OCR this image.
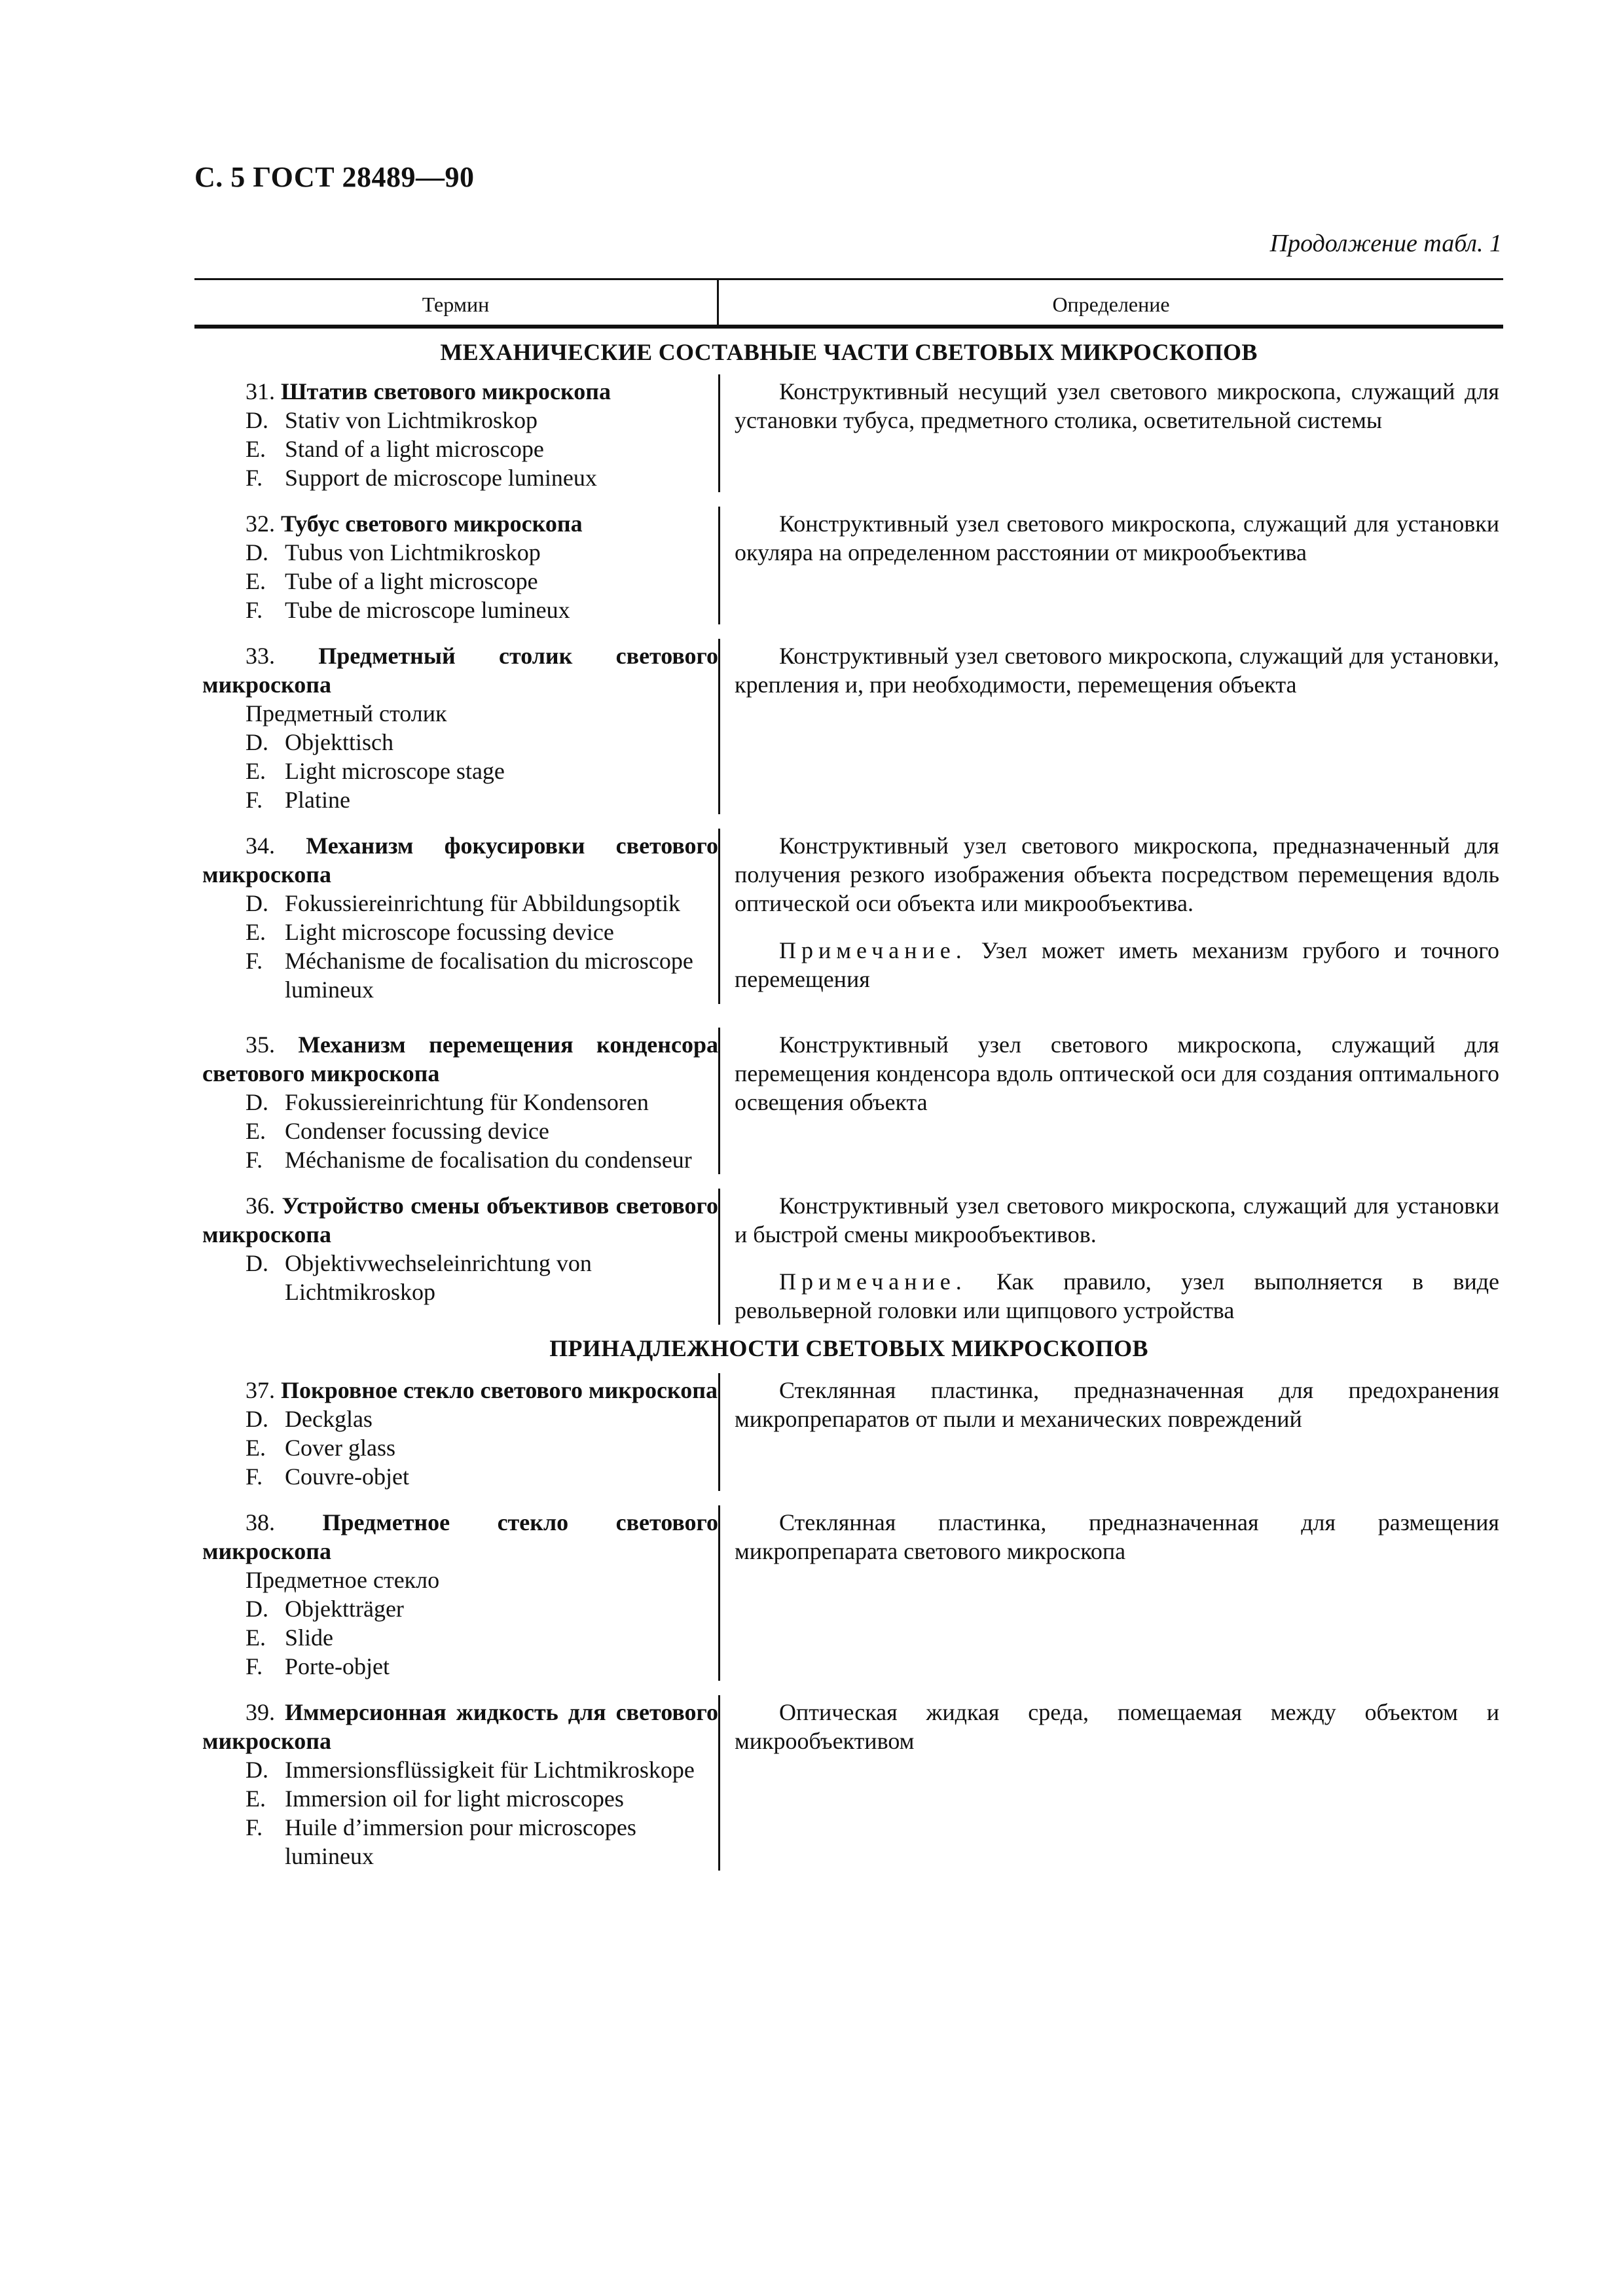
С. 5 ГОСТ 28489—90
Продолжение табл. 1
Термин	Определение
МЕХАНИЧЕСКИЕ СОСТАВНЫЕ ЧАСТИ СВЕТОВЫХ МИКРОСКОПОВ
31. Штатив светового микроскопа
D. Stativ von Lichtmikroskop
E. Stand of a light microscope
F. Support de microscope lumineux

Конструктивный несущий узел светового микроскопа, служащий для установки тубуса, предметного столика, осветительной системы

32. Тубус светового микроскопа
D. Tubus von Lichtmikroskop
E. Tube of a light microscope
F. Tube de microscope lumineux

Конструктивный узел светового микроскопа, служащий для установки окуляра на определенном расстоянии от микрообъектива

33. Предметный столик светового микроскопа
Предметный столик
D. Objekttisch
E. Light microscope stage
F. Platine

Конструктивный узел светового микроскопа, служащий для установки, крепления и, при необходимости, перемещения объекта

34. Механизм фокусировки светового микроскопа
D. Fokussiereinrichtung für Abbildungsoptik
E. Light microscope focussing device
F. Méchanisme de focalisation du microscope lumineux

Конструктивный узел светового микроскопа, предназначенный для получения резкого изображения объекта посредством перемещения вдоль оптической оси объекта или микрообъектива.

Примечание. Узел может иметь механизм грубого и точного перемещения
35. Механизм перемещения конденсора светового микроскопа
D. Fokussiereinrichtung für Kondensoren
E. Condenser focussing device
F. Méchanisme de focalisation du condenseur

Конструктивный узел светового микроскопа, служащий для перемещения конденсора вдоль оптической оси для создания оптимального освещения объекта

36. Устройство смены объективов светового микроскопа
D. Objektivwechseleinrichtung von Lichtmikroskop

Конструктивный узел светового микроскопа, служащий для установки и быстрой смены микрообъективов.

Примечание. Как правило, узел выполняется в виде револьверной головки или щипцового устройства
ПРИНАДЛЕЖНОСТИ СВЕТОВЫХ МИКРОСКОПОВ
37. Покровное стекло светового микроскопа
D. Deckglas
E. Cover glass
F. Couvre-objet

Стеклянная пластинка, предназначенная для предохранения микропрепаратов от пыли и механических повреждений

38. Предметное стекло светового микроскопа
Предметное стекло
D. Objektträger
E. Slide
F. Porte-objet

Стеклянная пластинка, предназначенная для размещения микропрепарата светового микроскопа

39. Иммерсионная жидкость для светового микроскопа
D. Immersionsflüssigkeit für Lichtmikroskope
E. Immersion oil for light microscopes
F. Huile d’immersion pour microscopes lumineux

Оптическая жидкая среда, помещаемая между объектом и микрообъективом
